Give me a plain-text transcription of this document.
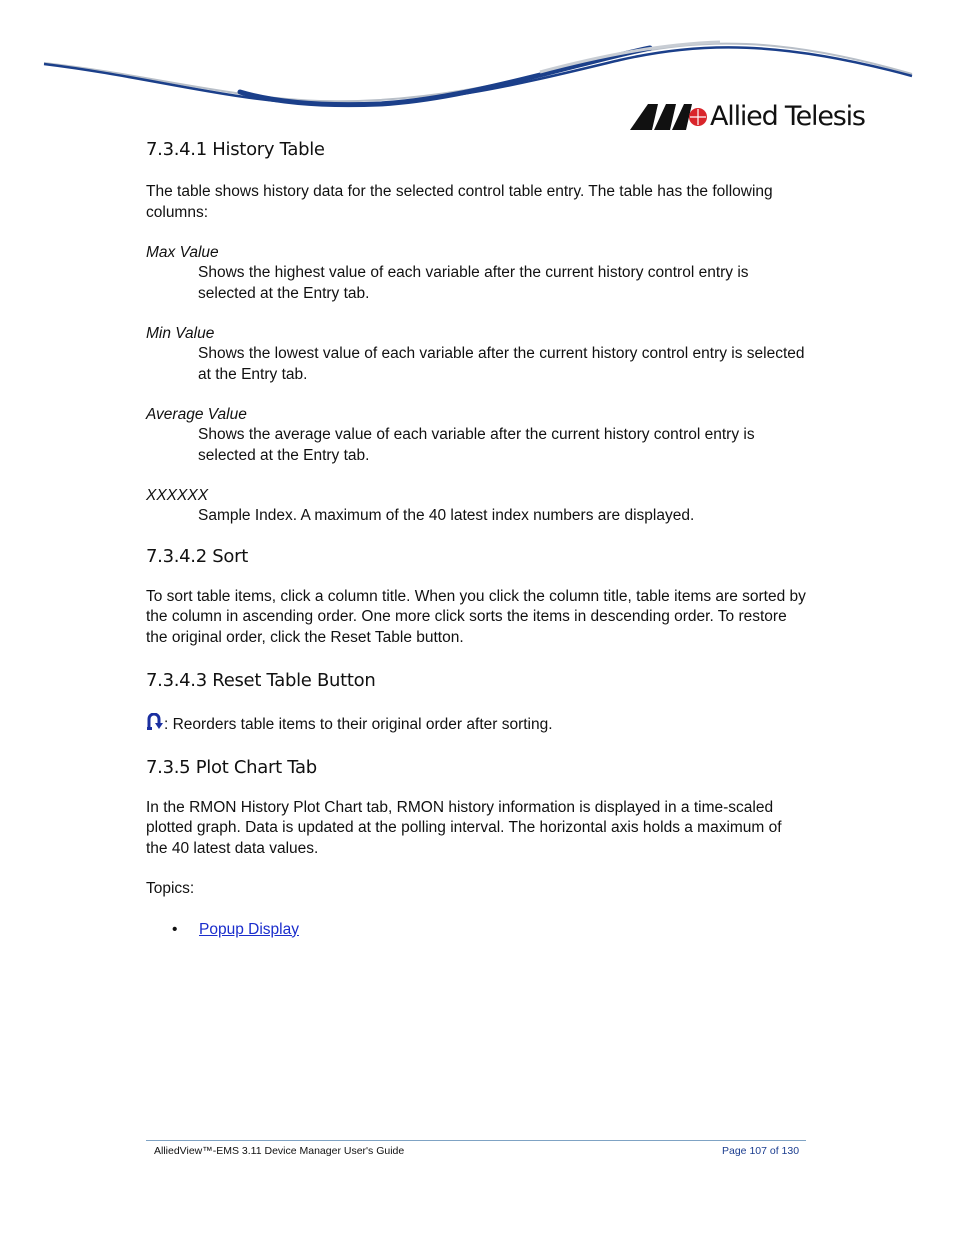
Allied Telesis
7.3.4.1 History Table

The table shows history data for the selected control table entry. The table has the following columns:

Max Value
Shows the highest value of each variable after the current history control entry is selected at the Entry tab.
Min Value
Shows the lowest value of each variable after the current history control entry is selected at the Entry tab.
Average Value
Shows the average value of each variable after the current history control entry is selected at the Entry tab.
XXXXXX
Sample Index. A maximum of the 40 latest index numbers are displayed.
7.3.4.2 Sort

To sort table items, click a column title. When you click the column title, table items are sorted by the column in ascending order. One more click sorts the items in descending order. To restore the original order, click the Reset Table button.

7.3.4.3 Reset Table Button

: Reorders table items to their original order after sorting.

7.3.5 Plot Chart Tab

In the RMON History Plot Chart tab, RMON history information is displayed in a time-scaled plotted graph. Data is updated at the polling interval. The horizontal axis holds a maximum of the 40 latest data values.

Topics:

• Popup Display
AlliedView™-EMS 3.11 Device Manager User's Guide	Page 107 of 130
